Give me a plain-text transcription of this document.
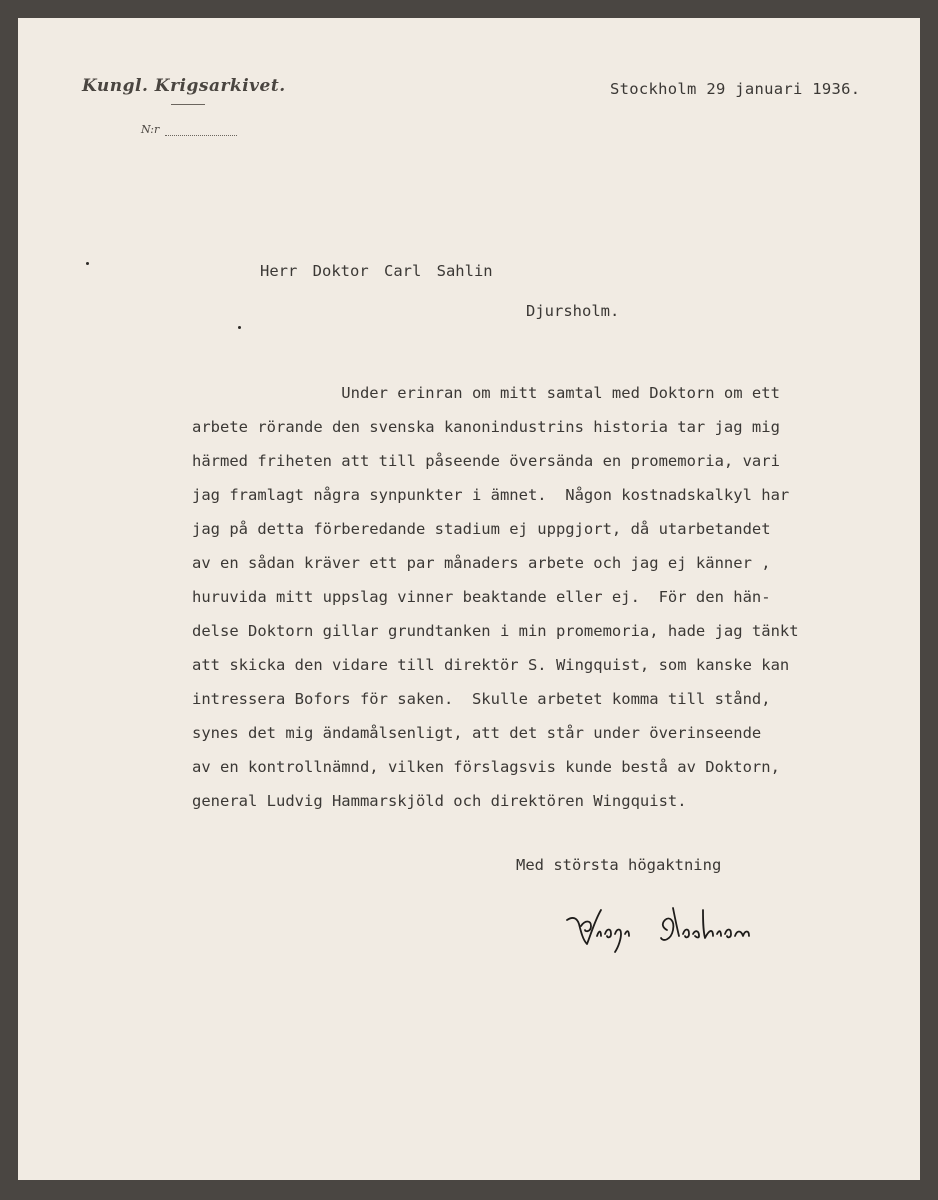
Kungl. Krigsarkivet.
N:r
Stockholm 29 januari 1936.
Herr Doktor Carl Sahlin
Djursholm.
Under erinran om mitt samtal med Doktorn om ett
arbete rörande den svenska kanonindustrins historia tar jag mig
härmed friheten att till påseende översända en promemoria, vari
jag framlagt några synpunkter i ämnet.  Någon kostnadskalkyl har
jag på detta förberedande stadium ej uppgjort, då utarbetandet
av en sådan kräver ett par månaders arbete och jag ej känner ,
huruvida mitt uppslag vinner beaktande eller ej.  För den hän-
delse Doktorn gillar grundtanken i min promemoria, hade jag tänkt
att skicka den vidare till direktör S. Wingquist, som kanske kan
intressera Bofors för saken.  Skulle arbetet komma till stånd,
synes det mig ändamålsenligt, att det står under överinseende
av en kontrollnämnd, vilken förslagsvis kunde bestå av Doktorn,
general Ludvig Hammarskjöld och direktören Wingquist.
Med största högaktning
